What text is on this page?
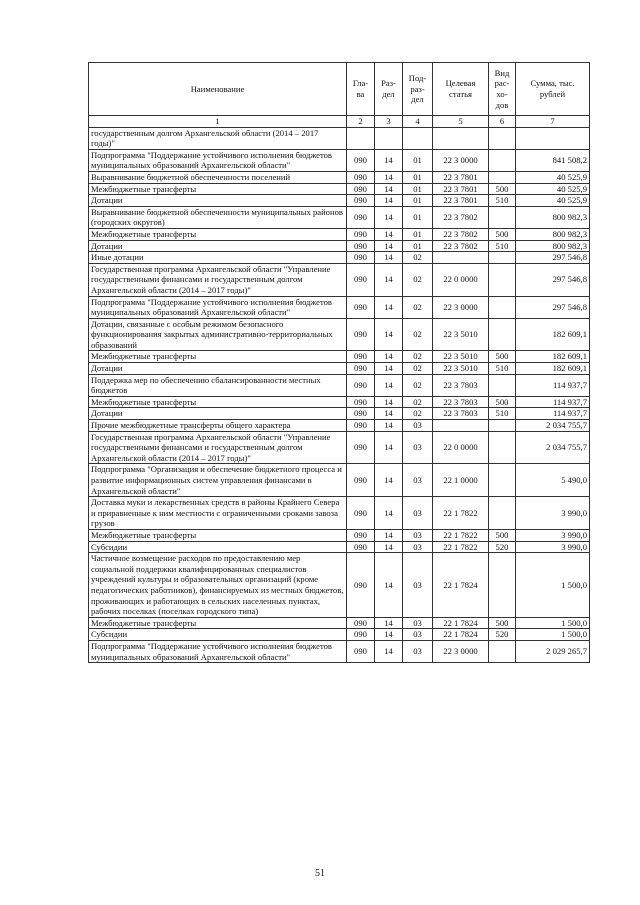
Наименование	Гла-ва	Раз-дел	Под-раз-дел	Целевая статья	Вид рас-хо-дов	Сумма, тыс. рублей
1	2	3	4	5	6	7
государственным долгом Архангельской области (2014 – 2017 годы)"						
Подпрограмма "Поддержание устойчивого исполнения бюджетов муниципальных образований Архангельской области"	090	14	01	22 3 0000		841 508,2
Выравнивание бюджетной обеспеченности поселений	090	14	01	22 3 7801		40 525,9
Межбюджетные трансферты	090	14	01	22 3 7801	500	40 525,9
Дотации	090	14	01	22 3 7801	510	40 525,9
Выравнивание бюджетной обеспеченности муниципальных районов (городских округов)	090	14	01	22 3 7802		800 982,3
Межбюджетные трансферты	090	14	01	22 3 7802	500	800 982,3
Дотации	090	14	01	22 3 7802	510	800 982,3
Иные дотации	090	14	02			297 546,8
Государственная программа Архангельской области "Управление государственными финансами и государственным долгом Архангельской области (2014 – 2017 годы)"	090	14	02	22 0 0000		297 546,8
Подпрограмма "Поддержание устойчивого исполнения бюджетов муниципальных образований Архангельской области"	090	14	02	22 3 0000		297 546,8
Дотации, связанные с особым режимом безопасного функционирования закрытых административно-территориальных образований	090	14	02	22 3 5010		182 609,1
Межбюджетные трансферты	090	14	02	22 3 5010	500	182 609,1
Дотации	090	14	02	22 3 5010	510	182 609,1
Поддержка мер по обеспечению сбалансированности местных бюджетов	090	14	02	22 3 7803		114 937,7
Межбюджетные трансферты	090	14	02	22 3 7803	500	114 937,7
Дотации	090	14	02	22 3 7803	510	114 937,7
Прочие межбюджетные трансферты общего характера	090	14	03			2 034 755,7
Государственная программа Архангельской области "Управление государственными финансами и государственным долгом Архангельской области (2014 – 2017 годы)"	090	14	03	22 0 0000		2 034 755,7
Подпрограмма "Организация и обеспечение бюджетного процесса и развитие информационных систем управления финансами в Архангельской области"	090	14	03	22 1 0000		5 490,0
Доставка муки и лекарственных средств в районы Крайнего Севера и приравненные к ним местности с ограниченными сроками завоза грузов	090	14	03	22 1 7822		3 990,0
Межбюджетные трансферты	090	14	03	22 1 7822	500	3 990,0
Субсидии	090	14	03	22 1 7822	520	3 990,0
Частичное возмещение расходов по предоставлению мер социальной поддержки квалифицированных специалистов учреждений культуры и образовательных организаций (кроме педагогических работников), финансируемых из местных бюджетов, проживающих и работающих в сельских населенных пунктах, рабочих поселках (поселках городского типа)	090	14	03	22 1 7824		1 500,0
Межбюджетные трансферты	090	14	03	22 1 7824	500	1 500,0
Субсидии	090	14	03	22 1 7824	520	1 500,0
Подпрограмма "Поддержание устойчивого исполнения бюджетов муниципальных образований Архангельской области"	090	14	03	22 3 0000		2 029 265,7
51
